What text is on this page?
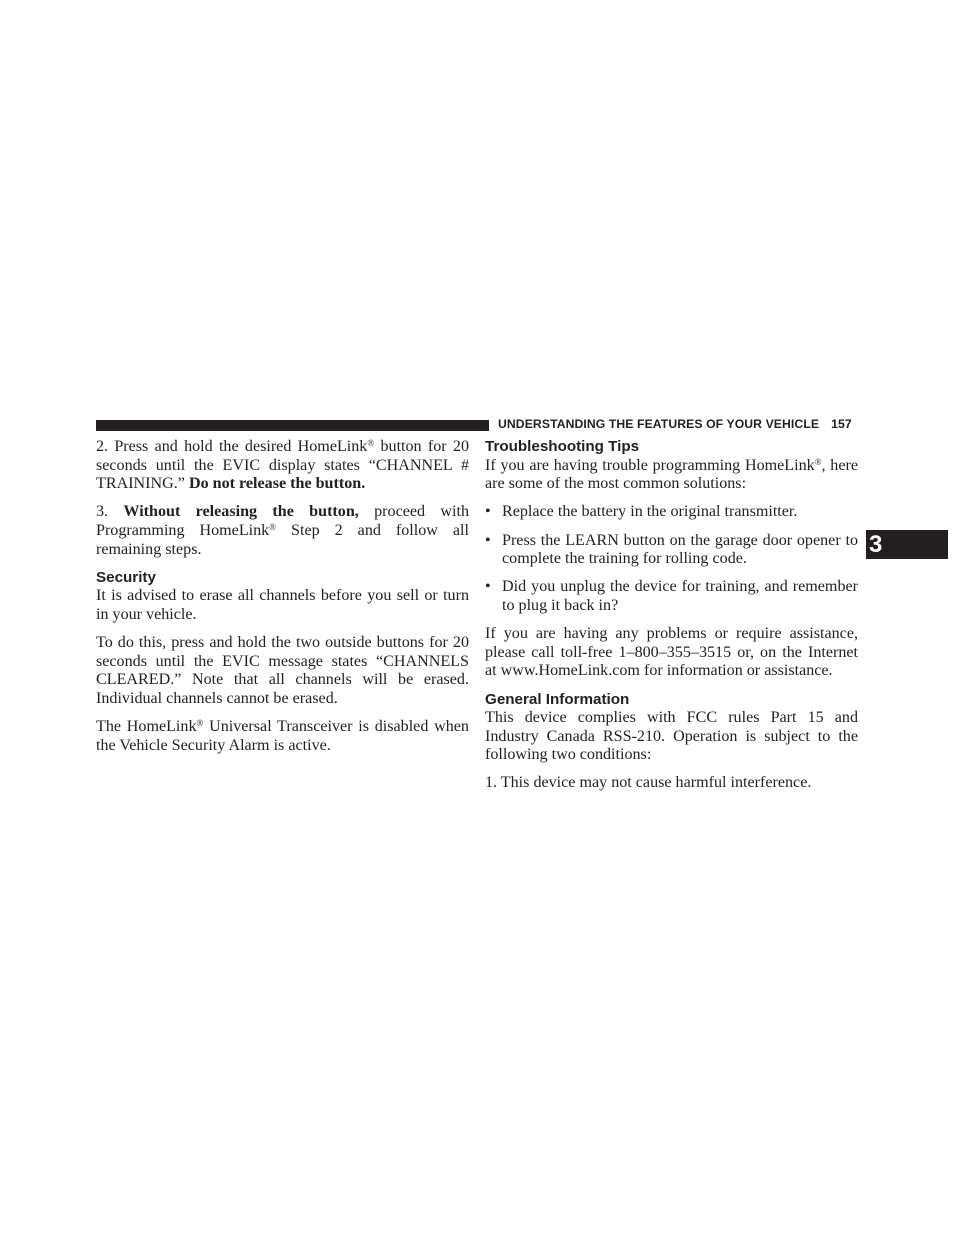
UNDERSTANDING THE FEATURES OF YOUR VEHICLE 157
3

2. Press and hold the desired HomeLink® button for 20 seconds until the EVIC display states “CHANNEL # TRAINING.” Do not release the button.

3. Without releasing the button, proceed with Programming HomeLink® Step 2 and follow all remaining steps.

Security

It is advised to erase all channels before you sell or turn in your vehicle.

To do this, press and hold the two outside buttons for 20 seconds until the EVIC message states “CHANNELS CLEARED.” Note that all channels will be erased. Individual channels cannot be erased.

The HomeLink® Universal Transceiver is disabled when the Vehicle Security Alarm is active.

Troubleshooting Tips

If you are having trouble programming HomeLink®, here are some of the most common solutions:

• Replace the battery in the original transmitter.
• Press the LEARN button on the garage door opener to complete the training for rolling code.
• Did you unplug the device for training, and remember to plug it back in?

If you are having any problems or require assistance, please call toll-free 1–800–355–3515 or, on the Internet at www.HomeLink.com for information or assistance.

General Information

This device complies with FCC rules Part 15 and Industry Canada RSS-210. Operation is subject to the following two conditions:

1. This device may not cause harmful interference.
